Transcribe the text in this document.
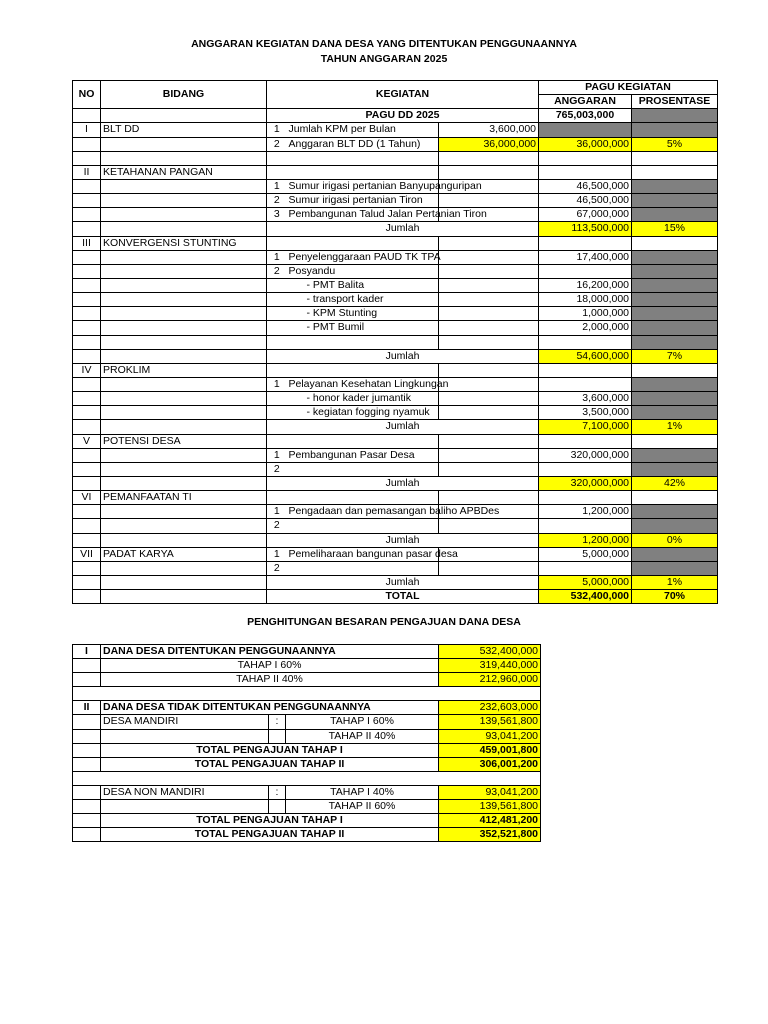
ANGGARAN KEGIATAN DANA DESA YANG DITENTUKAN PENGGUNAANNYA
TAHUN ANGGARAN 2025
NO	BIDANG	KEGIATAN			PAGU KEGIATAN	
					ANGGARAN	PROSENTASE
		PAGU DD 2025			765,003,000	
I	BLT DD	1	Jumlah KPM per Bulan	3,600,000		
		2	Anggaran BLT DD (1 Tahun)	36,000,000	36,000,000	5%

II	KETAHANAN PANGAN					
		1	Sumur irigasi pertanian Banyupanguripan		46,500,000	
		2	Sumur irigasi pertanian Tiron		46,500,000	
		3	Pembangunan Talud Jalan Pertanian Tiron		67,000,000	
		Jumlah			113,500,000	15%
III	KONVERGENSI STUNTING					
		1	Penyelenggaraan PAUD TK TPA		17,400,000	
		2	Posyandu			
			- PMT Balita		16,200,000	
			- transport kader		18,000,000	
			- KPM Stunting		1,000,000	
			- PMT Bumil		2,000,000	

		Jumlah			54,600,000	7%
IV	PROKLIM					
		1	Pelayanan Kesehatan Lingkungan			
			- honor kader jumantik		3,600,000	
			- kegiatan fogging nyamuk		3,500,000	
		Jumlah			7,100,000	1%
V	POTENSI DESA					
		1	Pembangunan Pasar Desa		320,000,000	
		2				
		Jumlah			320,000,000	42%
VI	PEMANFAATAN TI					
		1	Pengadaan dan pemasangan baliho APBDes		1,200,000	
		2				
		Jumlah			1,200,000	0%
VII	PADAT KARYA	1	Pemeliharaan bangunan pasar desa		5,000,000	
		2				
		Jumlah			5,000,000	1%
		TOTAL			532,400,000	70%
PENGHITUNGAN BESARAN PENGAJUAN DANA DESA
I	DANA DESA DITENTUKAN PENGGUNAANNYA			532,400,000
	TAHAP I 60%			319,440,000
	TAHAP II 40%			212,960,000

II	DANA DESA TIDAK DITENTUKAN PENGGUNAANNYA			232,603,000
	DESA MANDIRI	:	TAHAP I 60%	139,561,800
			TAHAP II 40%	93,041,200
	TOTAL PENGAJUAN TAHAP I			459,001,800
	TOTAL PENGAJUAN TAHAP II			306,001,200

	DESA NON MANDIRI	:	TAHAP I 40%	93,041,200
			TAHAP II 60%	139,561,800
	TOTAL PENGAJUAN TAHAP I			412,481,200
	TOTAL PENGAJUAN TAHAP II			352,521,800
